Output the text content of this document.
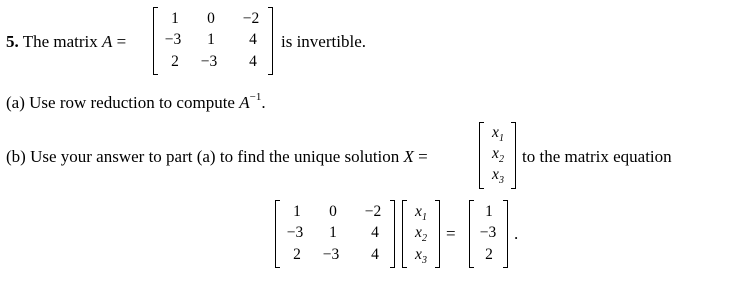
5. The matrix A =
1	0	−2
−3	1	4
2	−3	4
is invertible.
(a) Use row reduction to compute $A^{-1}$.
(b) Use your answer to part (a) to find the unique solution X =
$x_1$
$x_2$
$x_3$
to the matrix equation
1	0	−2
−3	1	4
2	−3	4
$x_1$
$x_2$
$x_3$
=
1
−3
2
.
